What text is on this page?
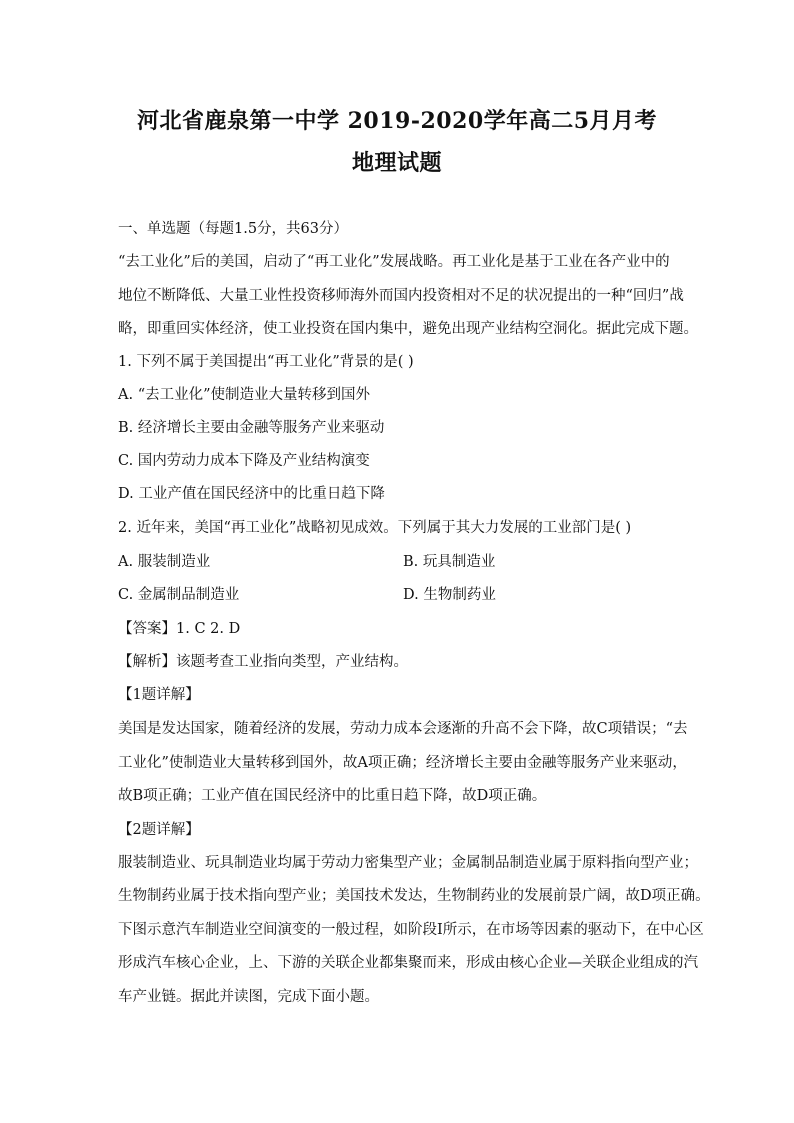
河北省鹿泉第一中学 2019-2020学年高二5月月考
地理试题
一、单选题（每题1.5分，共63分）
“去工业化”后的美国，启动了“再工业化”发展战略。再工业化是基于工业在各产业中的
地位不断降低、大量工业性投资移师海外而国内投资相对不足的状况提出的一种“回归”战
略，即重回实体经济，使工业投资在国内集中，避免出现产业结构空洞化。据此完成下题。
1. 下列不属于美国提出“再工业化”背景的是( )
A. “去工业化”使制造业大量转移到国外
B. 经济增长主要由金融等服务产业来驱动
C. 国内劳动力成本下降及产业结构演变
D. 工业产值在国民经济中的比重日趋下降
2. 近年来，美国“再工业化”战略初见成效。下列属于其大力发展的工业部门是( )
A. 服装制造业	B. 玩具制造业
C. 金属制品制造业	D. 生物制药业
【答案】1. C 2. D
【解析】该题考查工业指向类型，产业结构。
【1题详解】
美国是发达国家，随着经济的发展，劳动力成本会逐渐的升高不会下降，故C项错误；“去
工业化”使制造业大量转移到国外，故A项正确；经济增长主要由金融等服务产业来驱动，
故B项正确；工业产值在国民经济中的比重日趋下降，故D项正确。
【2题详解】
服装制造业、玩具制造业均属于劳动力密集型产业；金属制品制造业属于原料指向型产业；
生物制药业属于技术指向型产业；美国技术发达，生物制药业的发展前景广阔，故D项正确。
下图示意汽车制造业空间演变的一般过程，如阶段Ⅰ所示，在市场等因素的驱动下，在中心区
形成汽车核心企业，上、下游的关联企业都集聚而来，形成由核心企业—关联企业组成的汽
车产业链。据此并读图，完成下面小题。
